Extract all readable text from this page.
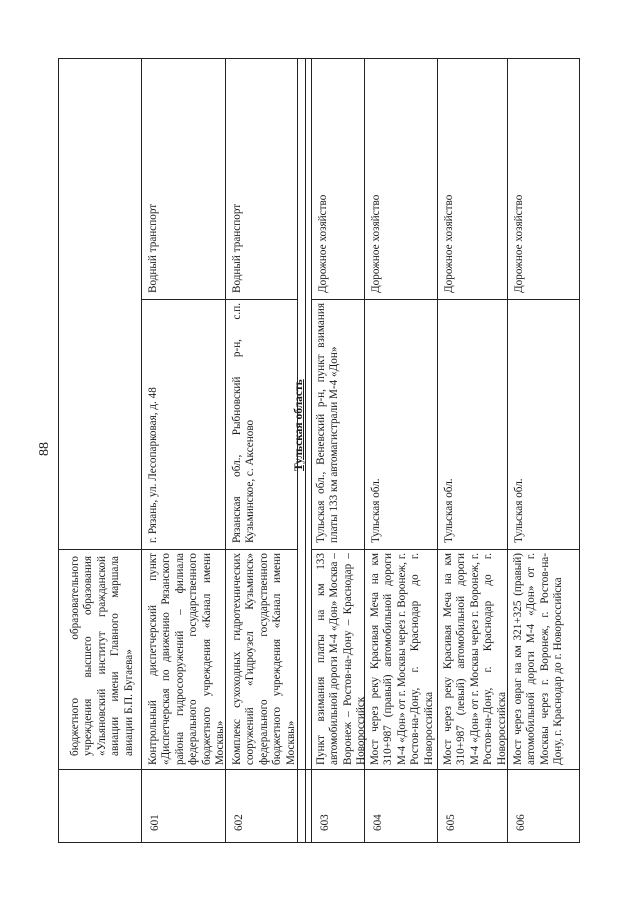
88
бюджетного образовательного учреждения высшего образования «Ульяновский институт гражданской авиации имени Главного маршала авиации Б.П. Бугаева»
601
Контрольный диспетчерский пункт «Диспетчерская по движению Рязанского района гидросооружений – филиала федерального государственного бюджетного учреждения «Канал имени Москвы»
г. Рязань, ул. Лесопарковая, д. 48
Водный транспорт
602
Комплекс сухоходных гидротехнических сооружений «Гидроузел Кузьминск» федерального государственного бюджетного учреждения «Канал имени Москвы»
Рязанская обл., Рыбновский р-н, с.п. Кузьминское, с. Аксеново
Водный транспорт
Тульская область
603
Пункт взимания платы на км 133 автомобильной дороги М-4 «Дон» Москва – Воронеж – Ростов-на-Дону – Краснодар – Новороссийск
Тульская обл., Веневский р-н, пункт взимания платы 133 км автомагистрали М-4 «Дон»
Дорожное хозяйство
604
Мост через реку Красивая Меча на км 310+987 (правый) автомобильной дороги М-4 «Дон» от г. Москвы через г. Воронеж, г. Ростов-на-Дону, г. Краснодар до г. Новороссийска
Тульская обл.
Дорожное хозяйство
605
Мост через реку Красивая Меча на км 310+987 (левый) автомобильной дороги М-4 «Дон» от г. Москвы через г. Воронеж, г. Ростов-на-Дону, г. Краснодар до г. Новороссийска
Тульская обл.
Дорожное хозяйство
606
Мост через овраг на км 321+325 (правый) автомобильной дороги М-4 «Дон» от г. Москвы через г. Воронеж, г. Ростов-на-Дону, г. Краснодар до г. Новороссийска
Тульская обл.
Дорожное хозяйство
